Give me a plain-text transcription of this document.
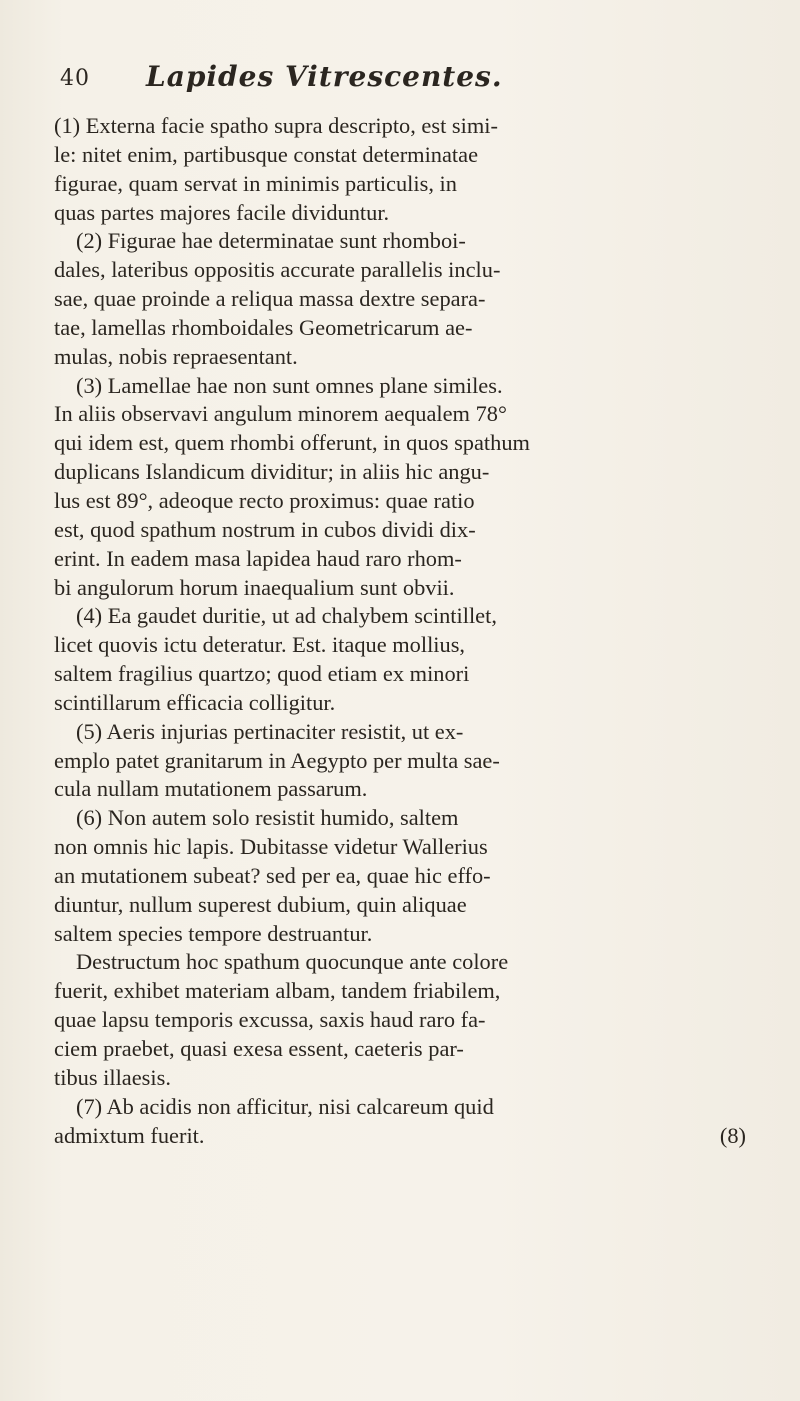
40 Lapides Vitrescentes.
(1) Externa facie spatho supra descripto, est simi-
le: nitet enim, partibusque constat determinatae
figurae, quam servat in minimis particulis, in
quas partes majores facile dividuntur.
(2) Figurae hae determinatae sunt rhomboi-
dales, lateribus oppositis accurate parallelis inclu-
sae, quae proinde a reliqua massa dextre separa-
tae, lamellas rhomboidales Geometricarum ae-
mulas, nobis repraesentant.
(3) Lamellae hae non sunt omnes plane similes.
In aliis observavi angulum minorem aequalem 78°
qui idem est, quem rhombi offerunt, in quos spathum
duplicans Islandicum dividitur; in aliis hic angu-
lus est 89°, adeoque recto proximus: quae ratio
est, quod spathum nostrum in cubos dividi dix-
erint. In eadem masa lapidea haud raro rhom-
bi angulorum horum inaequalium sunt obvii.
(4) Ea gaudet duritie, ut ad chalybem scintillet,
licet quovis ictu deteratur. Est. itaque mollius,
saltem fragilius quartzo; quod etiam ex minori
scintillarum efficacia colligitur.
(5) Aeris injurias pertinaciter resistit, ut ex-
emplo patet granitarum in Aegypto per multa sae-
cula nullam mutationem passarum.
(6) Non autem solo resistit humido, saltem
non omnis hic lapis. Dubitasse videtur Wallerius
an mutationem subeat? sed per ea, quae hic effo-
diuntur, nullum superest dubium, quin aliquae
saltem species tempore destruantur.
Destructum hoc spathum quocunque ante colore
fuerit, exhibet materiam albam, tandem friabilem,
quae lapsu temporis excussa, saxis haud raro fa-
ciem praebet, quasi exesa essent, caeteris par-
tibus illaesis.
(7) Ab acidis non afficitur, nisi calcareum quid
admixtum fuerit.	(8)
